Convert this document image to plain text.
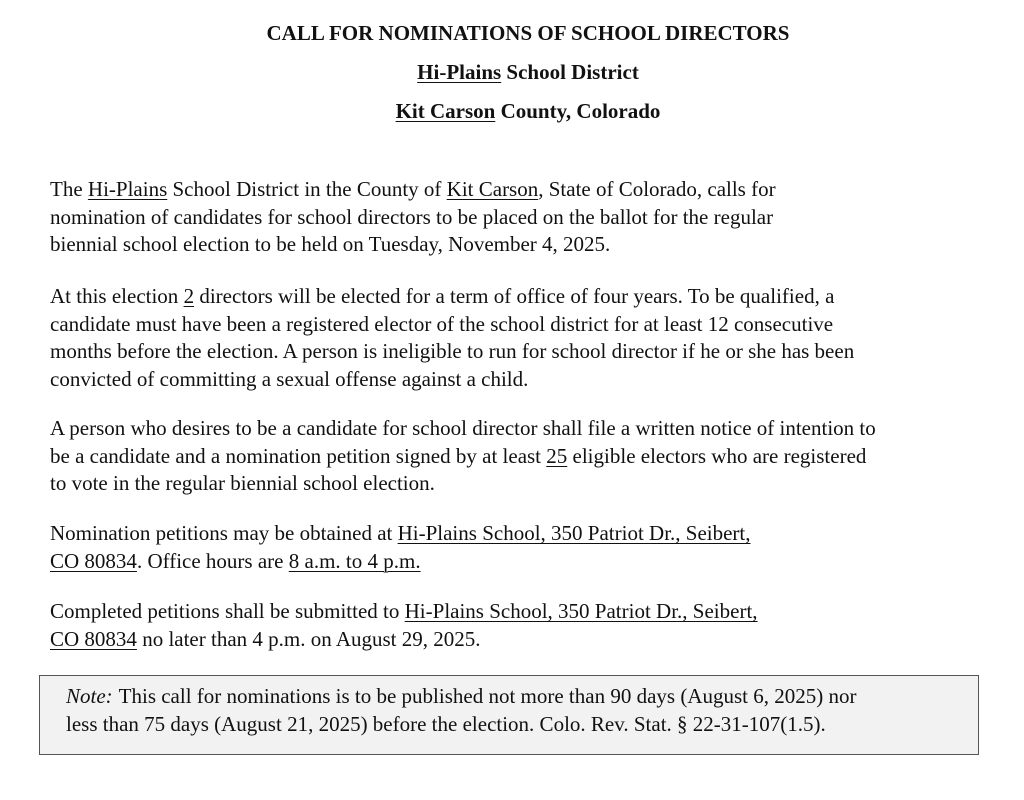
CALL FOR NOMINATIONS OF SCHOOL DIRECTORS
Hi-Plains School District
Kit Carson County, Colorado
The Hi-Plains School District in the County of Kit Carson, State of Colorado, calls for
nomination of candidates for school directors to be placed on the ballot for the regular
biennial school election to be held on Tuesday, November 4, 2025.
At this election 2 directors will be elected for a term of office of four years. To be qualified, a
candidate must have been a registered elector of the school district for at least 12 consecutive
months before the election. A person is ineligible to run for school director if he or she has been
convicted of committing a sexual offense against a child.
A person who desires to be a candidate for school director shall file a written notice of intention to
be a candidate and a nomination petition signed by at least 25 eligible electors who are registered
to vote in the regular biennial school election.
Nomination petitions may be obtained at Hi-Plains School, 350 Patriot Dr., Seibert,
CO 80834. Office hours are 8 a.m. to 4 p.m.
Completed petitions shall be submitted to Hi-Plains School, 350 Patriot Dr., Seibert,
CO 80834 no later than 4 p.m. on August 29, 2025.
Note: This call for nominations is to be published not more than 90 days (August 6, 2025) nor
less than 75 days (August 21, 2025) before the election. Colo. Rev. Stat. § 22-31-107(1.5).
